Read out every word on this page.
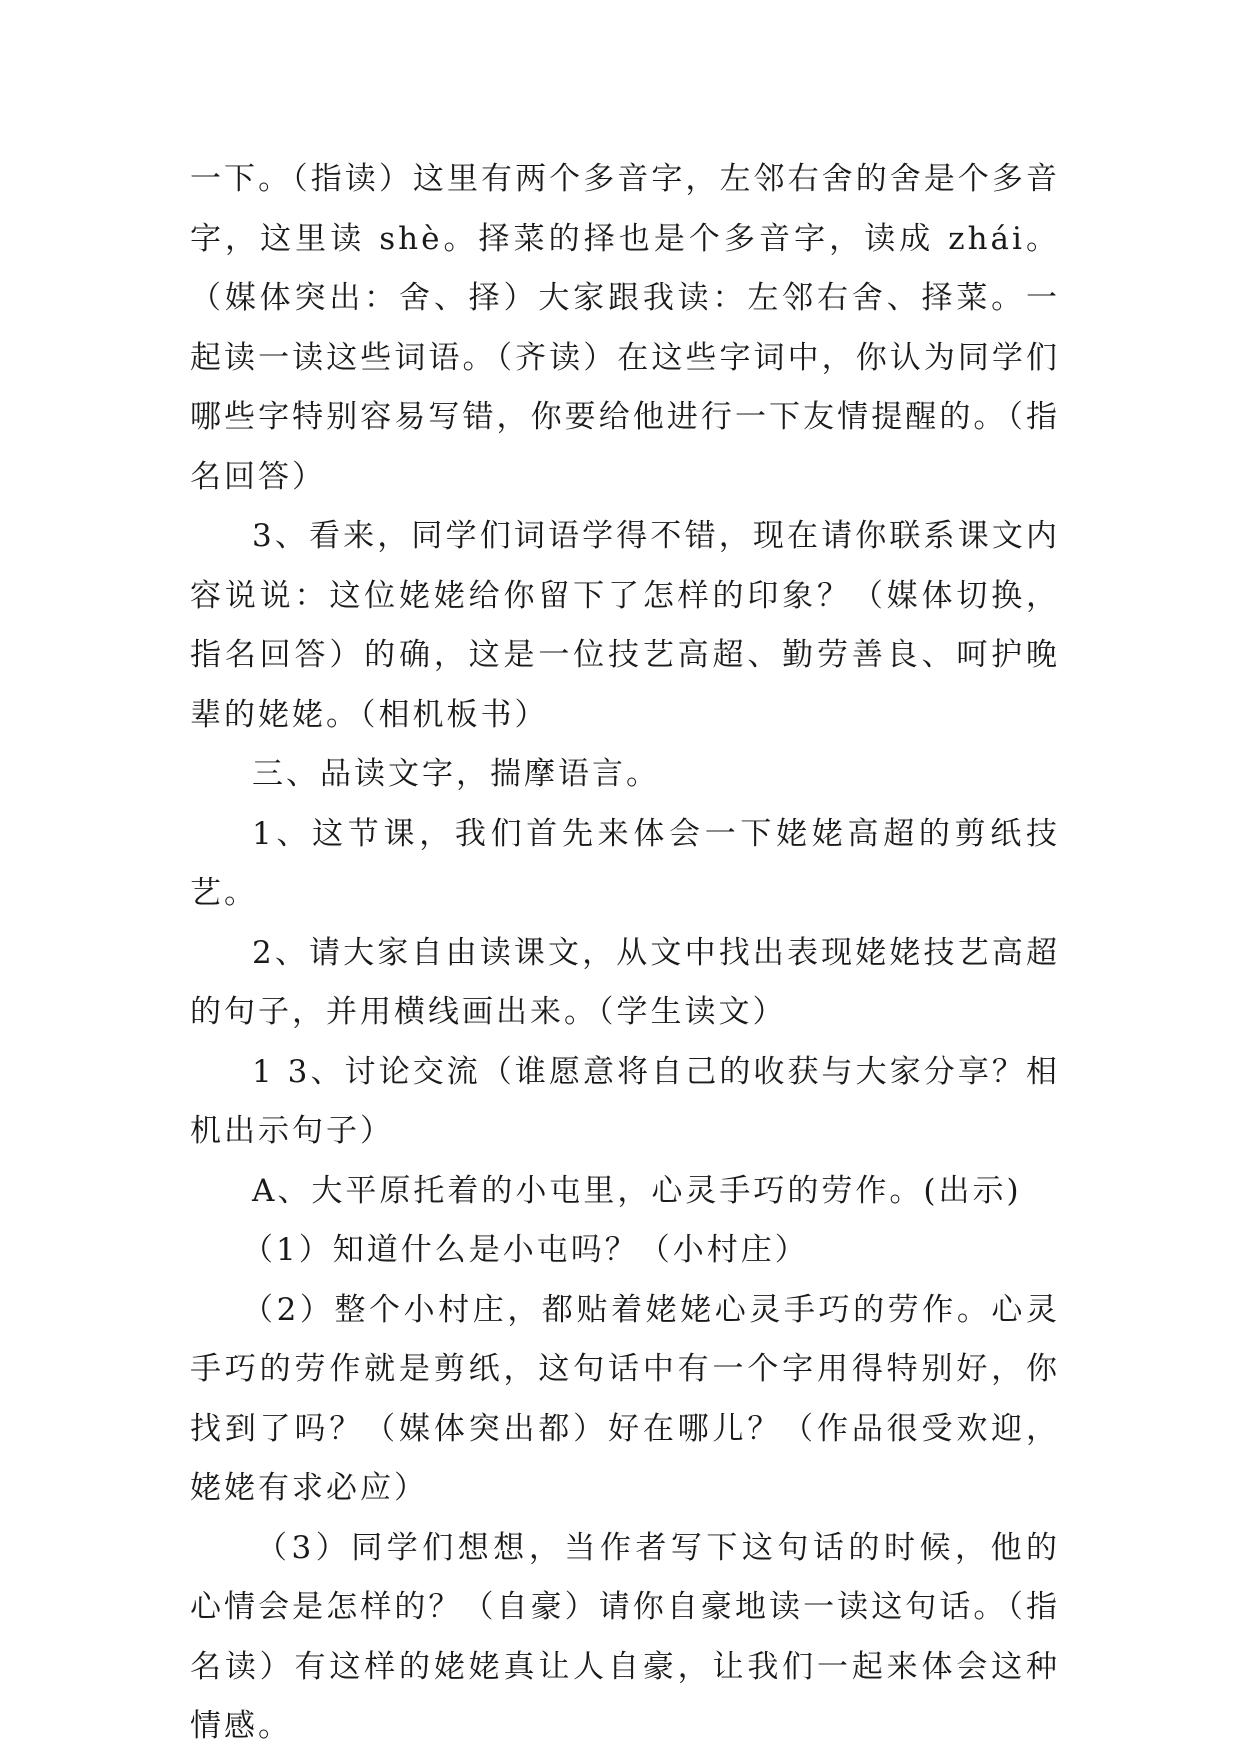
一下。（指读）这里有两个多音字，左邻右舍的舍是个多音字，这里读 shè。择菜的择也是个多音字，读成 zhái。（媒体突出：舍、择）大家跟我读：左邻右舍、择菜。一起读一读这些词语。（齐读）在这些字词中，你认为同学们哪些字特别容易写错，你要给他进行一下友情提醒的。（指名回答）

3、看来，同学们词语学得不错，现在请你联系课文内容说说：这位姥姥给你留下了怎样的印象？（媒体切换，指名回答）的确，这是一位技艺高超、勤劳善良、呵护晚辈的姥姥。（相机板书）

三、品读文字，揣摩语言。

1、这节课，我们首先来体会一下姥姥高超的剪纸技艺。

2、请大家自由读课文，从文中找出表现姥姥技艺高超的句子，并用横线画出来。（学生读文）

1 3、讨论交流（谁愿意将自己的收获与大家分享？相机出示句子）

A、大平原托着的小屯里，心灵手巧的劳作。(出示)

（1）知道什么是小屯吗？（小村庄）

（2）整个小村庄，都贴着姥姥心灵手巧的劳作。心灵手巧的劳作就是剪纸，这句话中有一个字用得特别好，你找到了吗？（媒体突出都）好在哪儿？（作品很受欢迎，姥姥有求必应）

（3）同学们想想，当作者写下这句话的时候，他的心情会是怎样的？（自豪）请你自豪地读一读这句话。（指名读）有这样的姥姥真让人自豪，让我们一起来体会这种情感。
